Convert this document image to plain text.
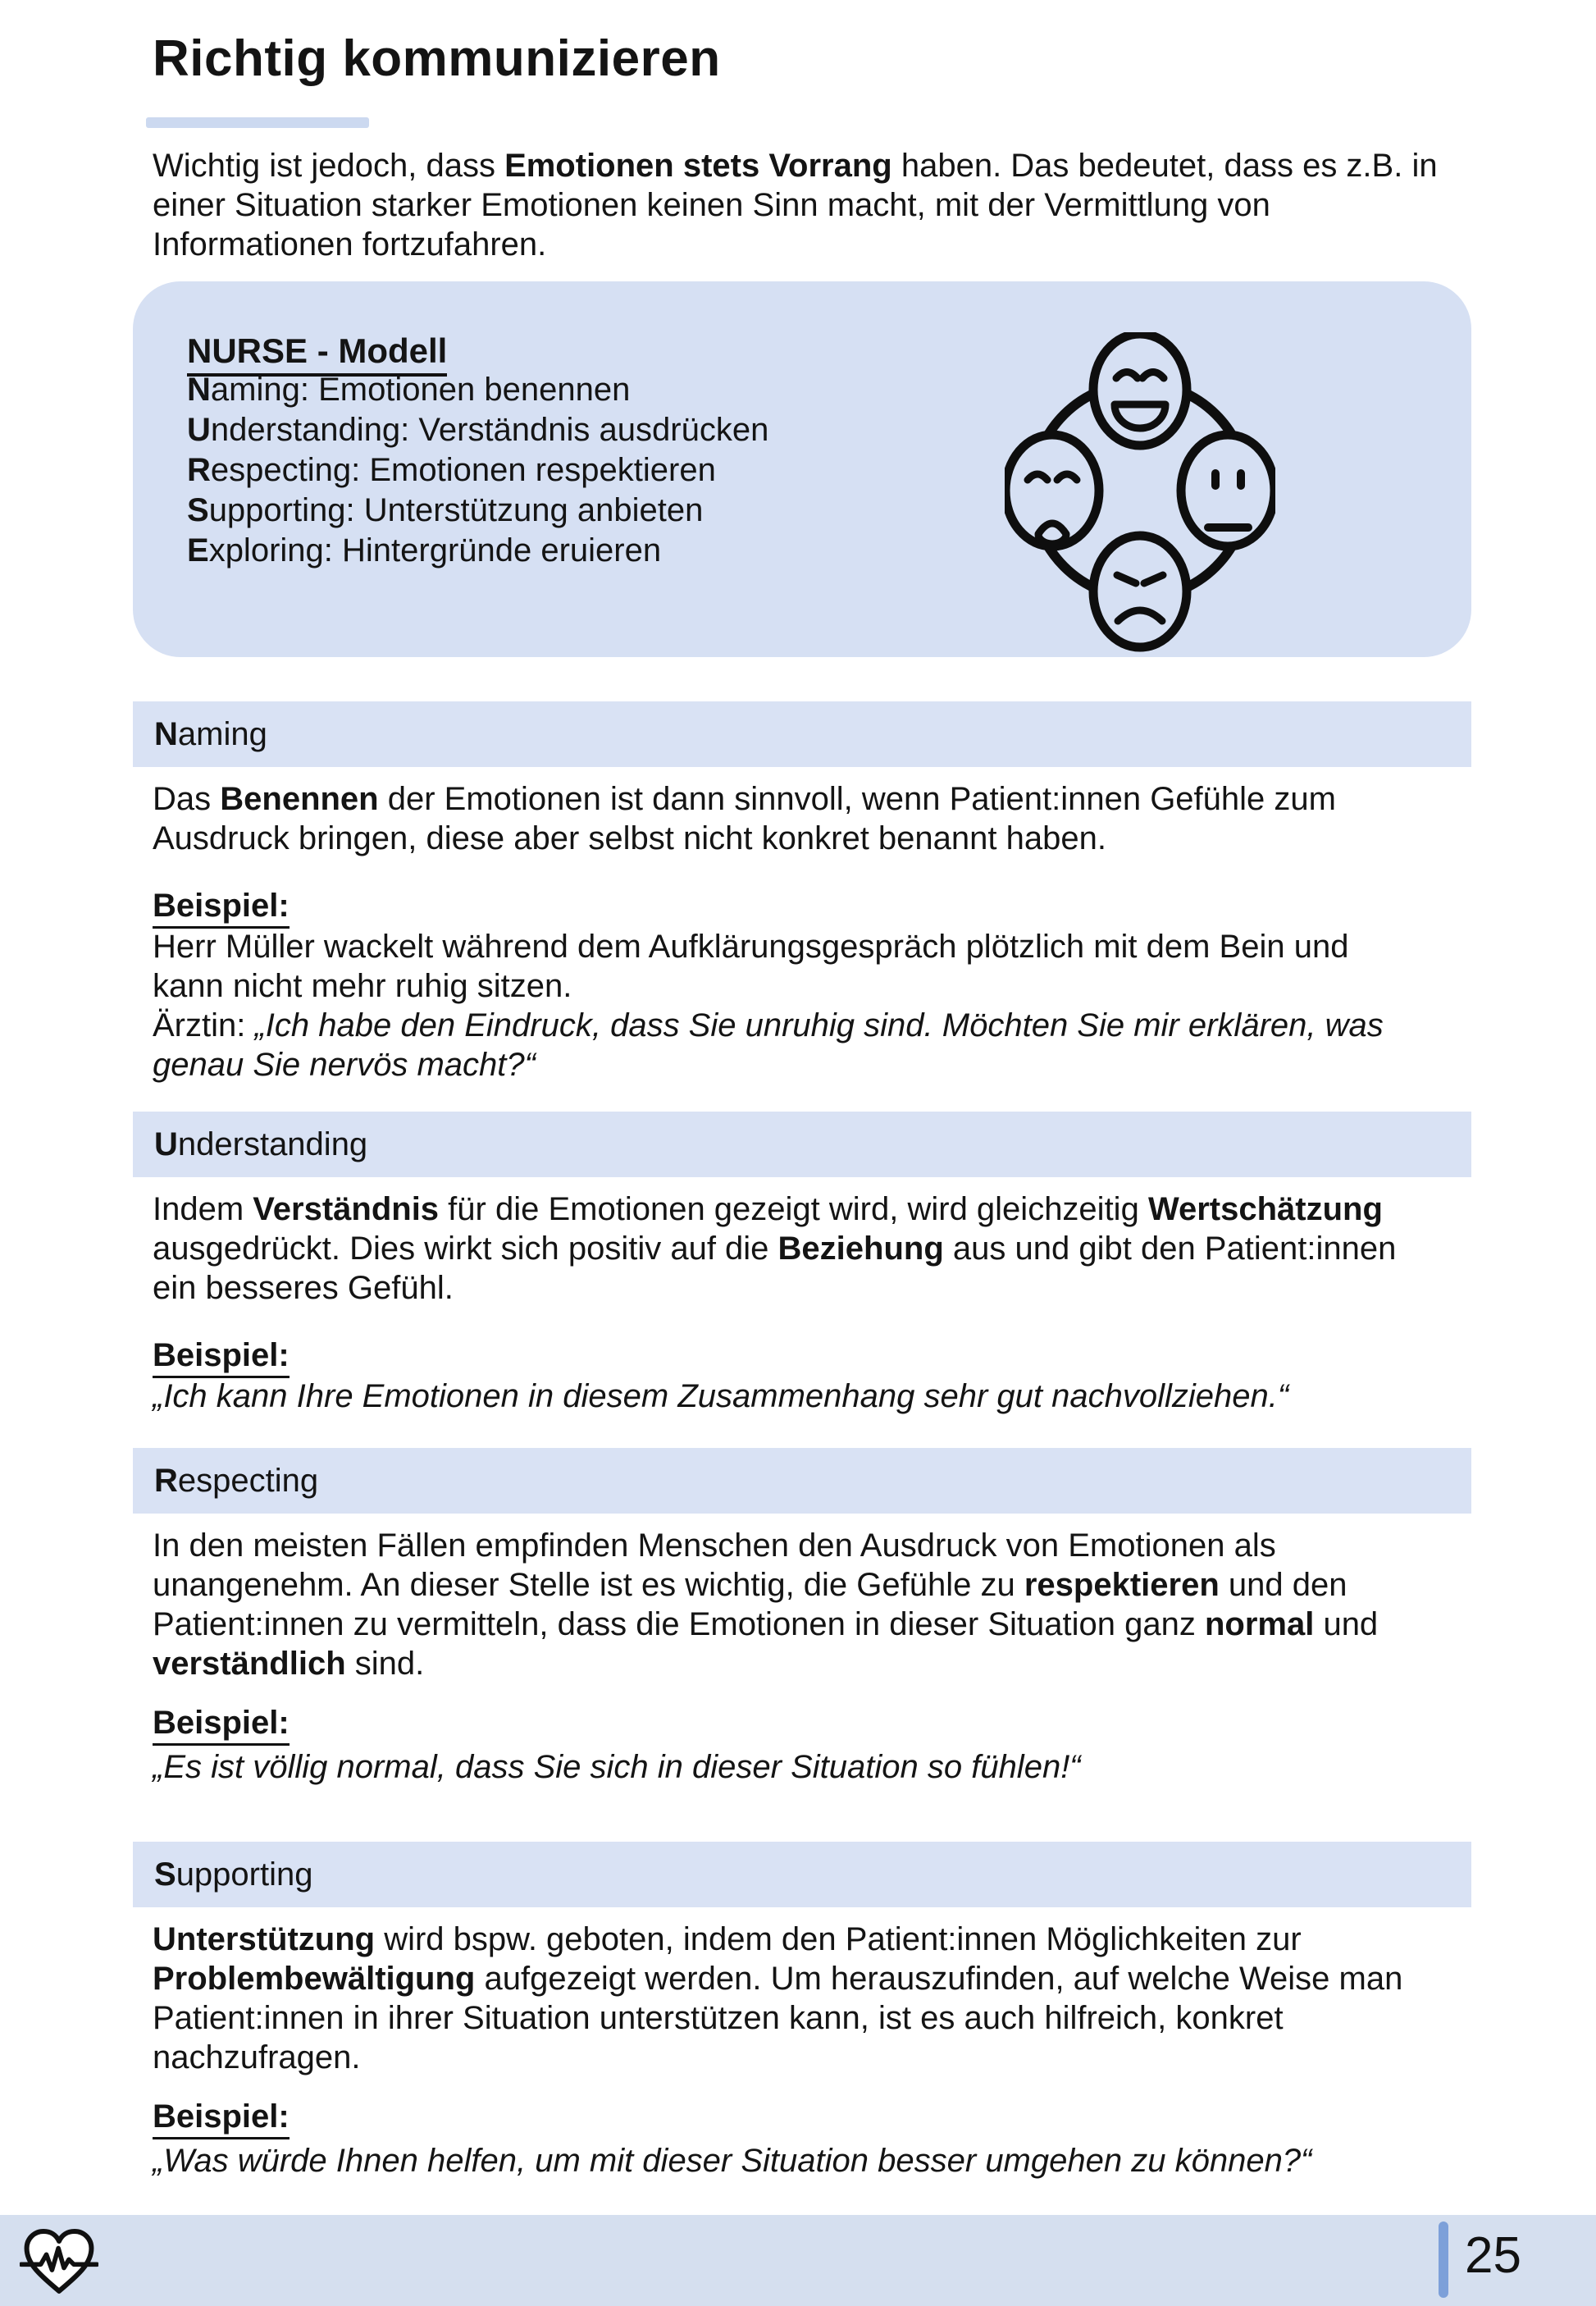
Richtig kommunizieren
Wichtig ist jedoch, dass Emotionen stets Vorrang haben. Das bedeutet, dass es z.B. in
einer Situation starker Emotionen keinen Sinn macht, mit der Vermittlung von
Informationen fortzufahren.
NURSE - Modell
Naming: Emotionen benennen
Understanding: Verständnis ausdrücken
Respecting: Emotionen respektieren
Supporting: Unterstützung anbieten
Exploring: Hintergründe eruieren
N aming
Das Benennen der Emotionen ist dann sinnvoll, wenn Patient:innen Gefühle zum
Ausdruck bringen, diese aber selbst nicht konkret benannt haben.
Beispiel:
Herr Müller wackelt während dem Aufklärungsgespräch plötzlich mit dem Bein und
kann nicht mehr ruhig sitzen.
Ärztin: „Ich habe den Eindruck, dass Sie unruhig sind. Möchten Sie mir erklären, was
genau Sie nervös macht?“
U nderstanding
Indem Verständnis für die Emotionen gezeigt wird, wird gleichzeitig Wertschätzung
ausgedrückt. Dies wirkt sich positiv auf die Beziehung aus und gibt den Patient:innen
ein besseres Gefühl.
Beispiel:
„Ich kann Ihre Emotionen in diesem Zusammenhang sehr gut nachvollziehen.“
R especting
In den meisten Fällen empfinden Menschen den Ausdruck von Emotionen als
unangenehm. An dieser Stelle ist es wichtig, die Gefühle zu respektieren und den
Patient:innen zu vermitteln, dass die Emotionen in dieser Situation ganz normal und
verständlich sind.
Beispiel:
„Es ist völlig normal, dass Sie sich in dieser Situation so fühlen!“
S upporting
Unterstützung wird bspw. geboten, indem den Patient:innen Möglichkeiten zur
Problembewältigung aufgezeigt werden. Um herauszufinden, auf welche Weise man
Patient:innen in ihrer Situation unterstützen kann, ist es auch hilfreich, konkret
nachzufragen.
Beispiel:
„Was würde Ihnen helfen, um mit dieser Situation besser umgehen zu können?“
25
